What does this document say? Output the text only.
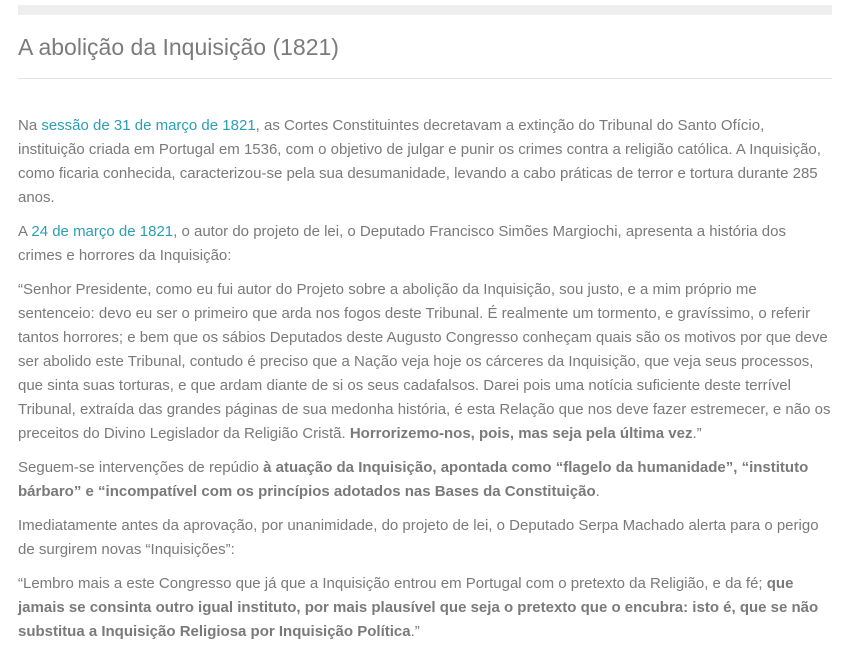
A abolição da Inquisição (1821)

Na sessão de 31 de março de 1821, as Cortes Constituintes decretavam a extinção do Tribunal do Santo Ofício, instituição criada em Portugal em 1536, com o objetivo de julgar e punir os crimes contra a religião católica. A Inquisição, como ficaria conhecida, caracterizou-se pela sua desumanidade, levando a cabo práticas de terror e tortura durante 285 anos.

A 24 de março de 1821, o autor do projeto de lei, o Deputado Francisco Simões Margiochi, apresenta a história dos crimes e horrores da Inquisição:

“Senhor Presidente, como eu fui autor do Projeto sobre a abolição da Inquisição, sou justo, e a mim próprio me sentenceio: devo eu ser o primeiro que arda nos fogos deste Tribunal. É realmente um tormento, e gravíssimo, o referir tantos horrores; e bem que os sábios Deputados deste Augusto Congresso conheçam quais são os motivos por que deve ser abolido este Tribunal, contudo é preciso que a Nação veja hoje os cárceres da Inquisição, que veja seus processos, que sinta suas torturas, e que ardam diante de si os seus cadafalsos. Darei pois uma notícia suficiente deste terrível Tribunal, extraída das grandes páginas de sua medonha história, é esta Relação que nos deve fazer estremecer, e não os preceitos do Divino Legislador da Religião Cristã. Horrorizemo-nos, pois, mas seja pela última vez.”

Seguem-se intervenções de repúdio à atuação da Inquisição, apontada como “flagelo da humanidade”, “instituto bárbaro” e “incompatível com os princípios adotados nas Bases da Constituição.

Imediatamente antes da aprovação, por unanimidade, do projeto de lei, o Deputado Serpa Machado alerta para o perigo de surgirem novas “Inquisições”:

“Lembro mais a este Congresso que já que a Inquisição entrou em Portugal com o pretexto da Religião, e da fé; que jamais se consinta outro igual instituto, por mais plausível que seja o pretexto que o encubra: isto é, que se não substitua a Inquisição Religiosa por Inquisição Política.”
